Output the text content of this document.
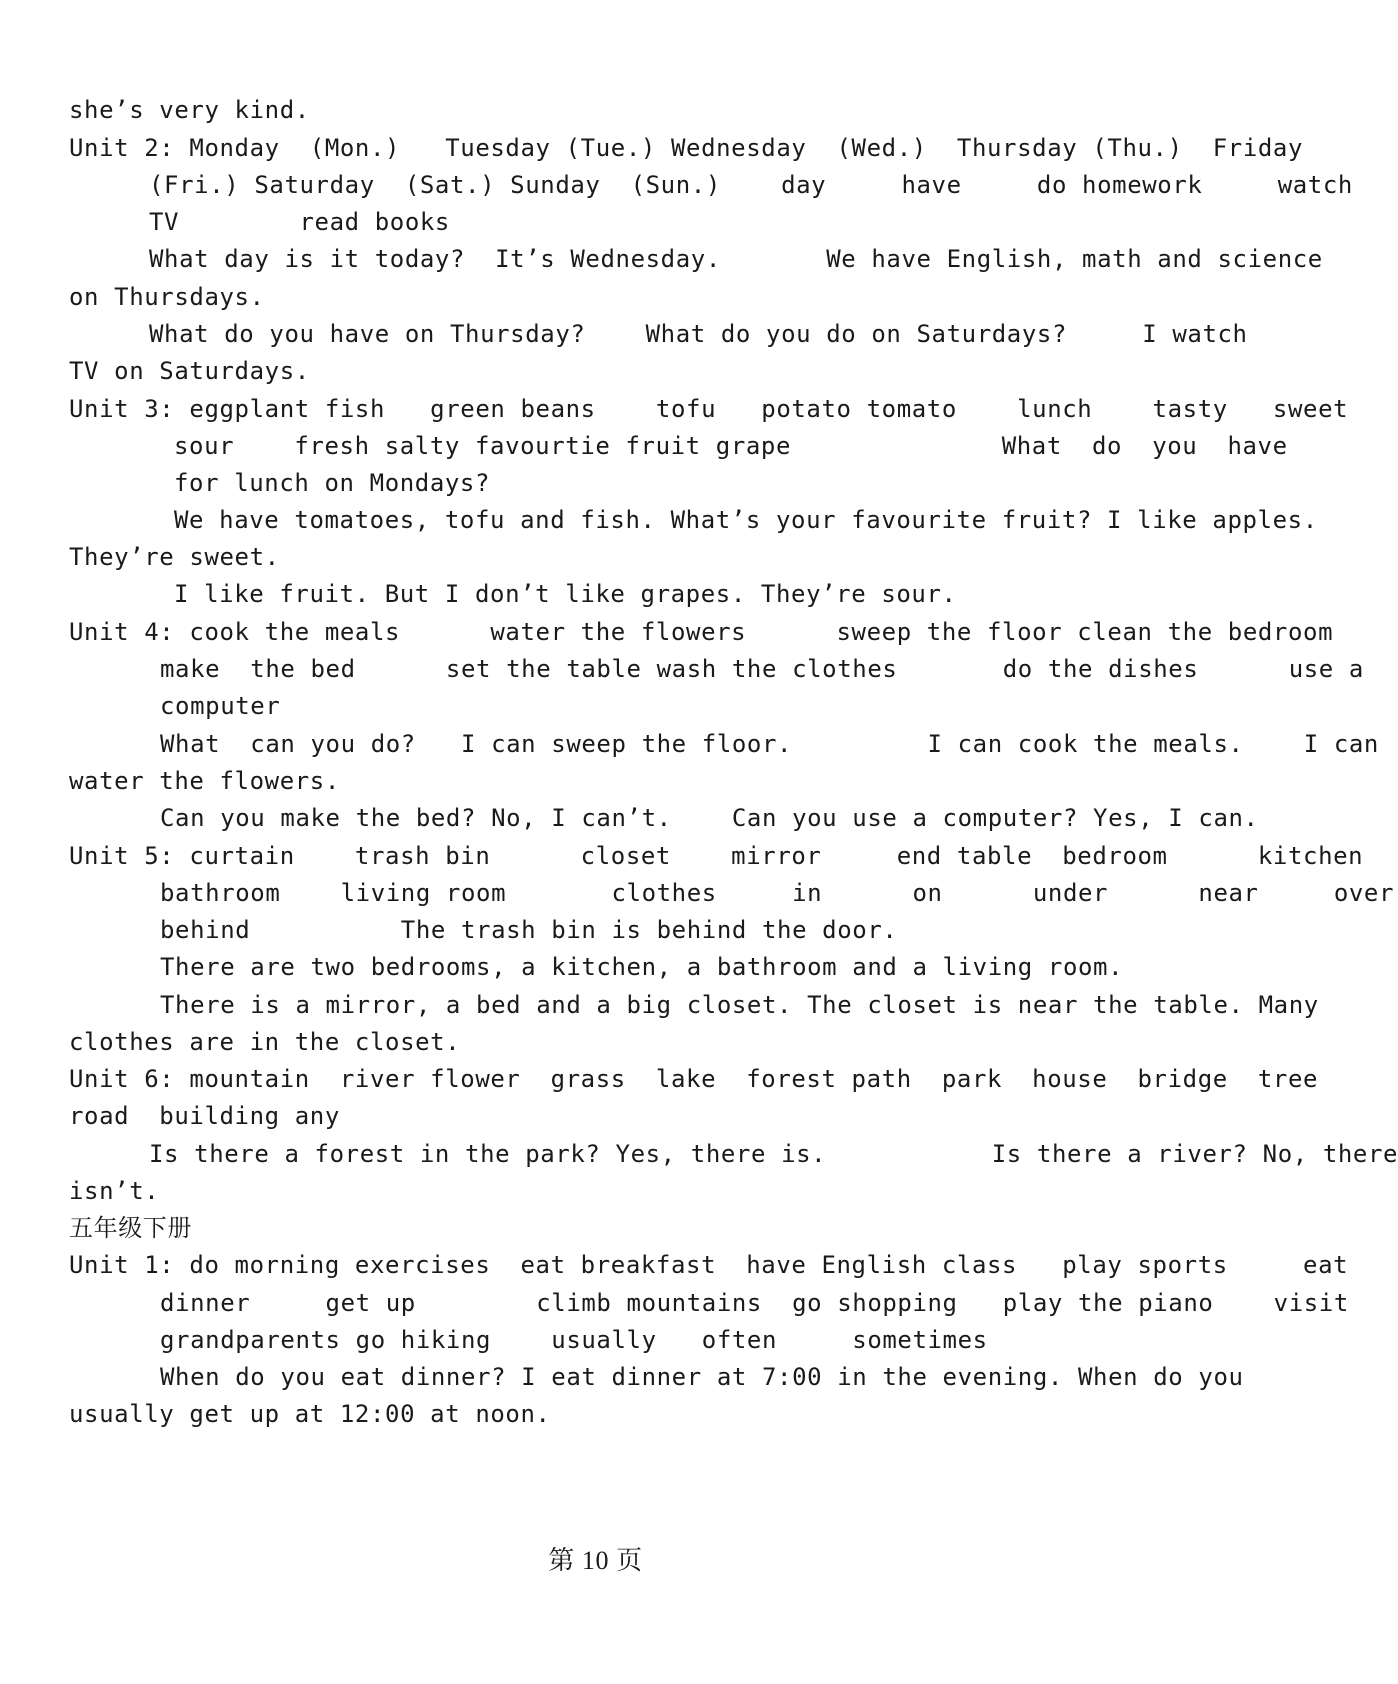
she’s very kind.
Unit 2: Monday  (Mon.)   Tuesday (Tue.) Wednesday  (Wed.)  Thursday (Thu.)  Friday
(Fri.) Saturday  (Sat.) Sunday  (Sun.)    day     have     do homework     watch
TV        read books
What day is it today?  It’s Wednesday.       We have English, math and science
on Thursdays.
What do you have on Thursday?    What do you do on Saturdays?     I watch
TV on Saturdays.
Unit 3: eggplant fish   green beans    tofu   potato tomato    lunch    tasty   sweet
sour    fresh salty favourtie fruit grape              What  do  you  have
for lunch on Mondays?
We have tomatoes, tofu and fish. What’s your favourite fruit? I like apples.
They’re sweet.
I like fruit. But I don’t like grapes. They’re sour.
Unit 4: cook the meals      water the flowers      sweep the floor clean the bedroom
make  the bed      set the table wash the clothes       do the dishes      use a
computer
What  can you do?   I can sweep the floor.         I can cook the meals.    I can
water the flowers.
Can you make the bed? No, I can’t.    Can you use a computer? Yes, I can.
Unit 5: curtain    trash bin      closet    mirror     end table  bedroom      kitchen
bathroom    living room       clothes     in      on      under      near     over
behind          The trash bin is behind the door.
There are two bedrooms, a kitchen, a bathroom and a living room.
There is a mirror, a bed and a big closet. The closet is near the table. Many
clothes are in the closet.
Unit 6: mountain  river flower  grass  lake  forest path  park  house  bridge  tree
road  building any
Is there a forest in the park? Yes, there is.           Is there a river? No, there
isn’t.
五年级下册
Unit 1: do morning exercises  eat breakfast  have English class   play sports     eat
dinner     get up        climb mountains  go shopping   play the piano    visit
grandparents go hiking    usually   often     sometimes
When do you eat dinner? I eat dinner at 7:00 in the evening. When do you
usually get up at 12:00 at noon.
第 10 页
